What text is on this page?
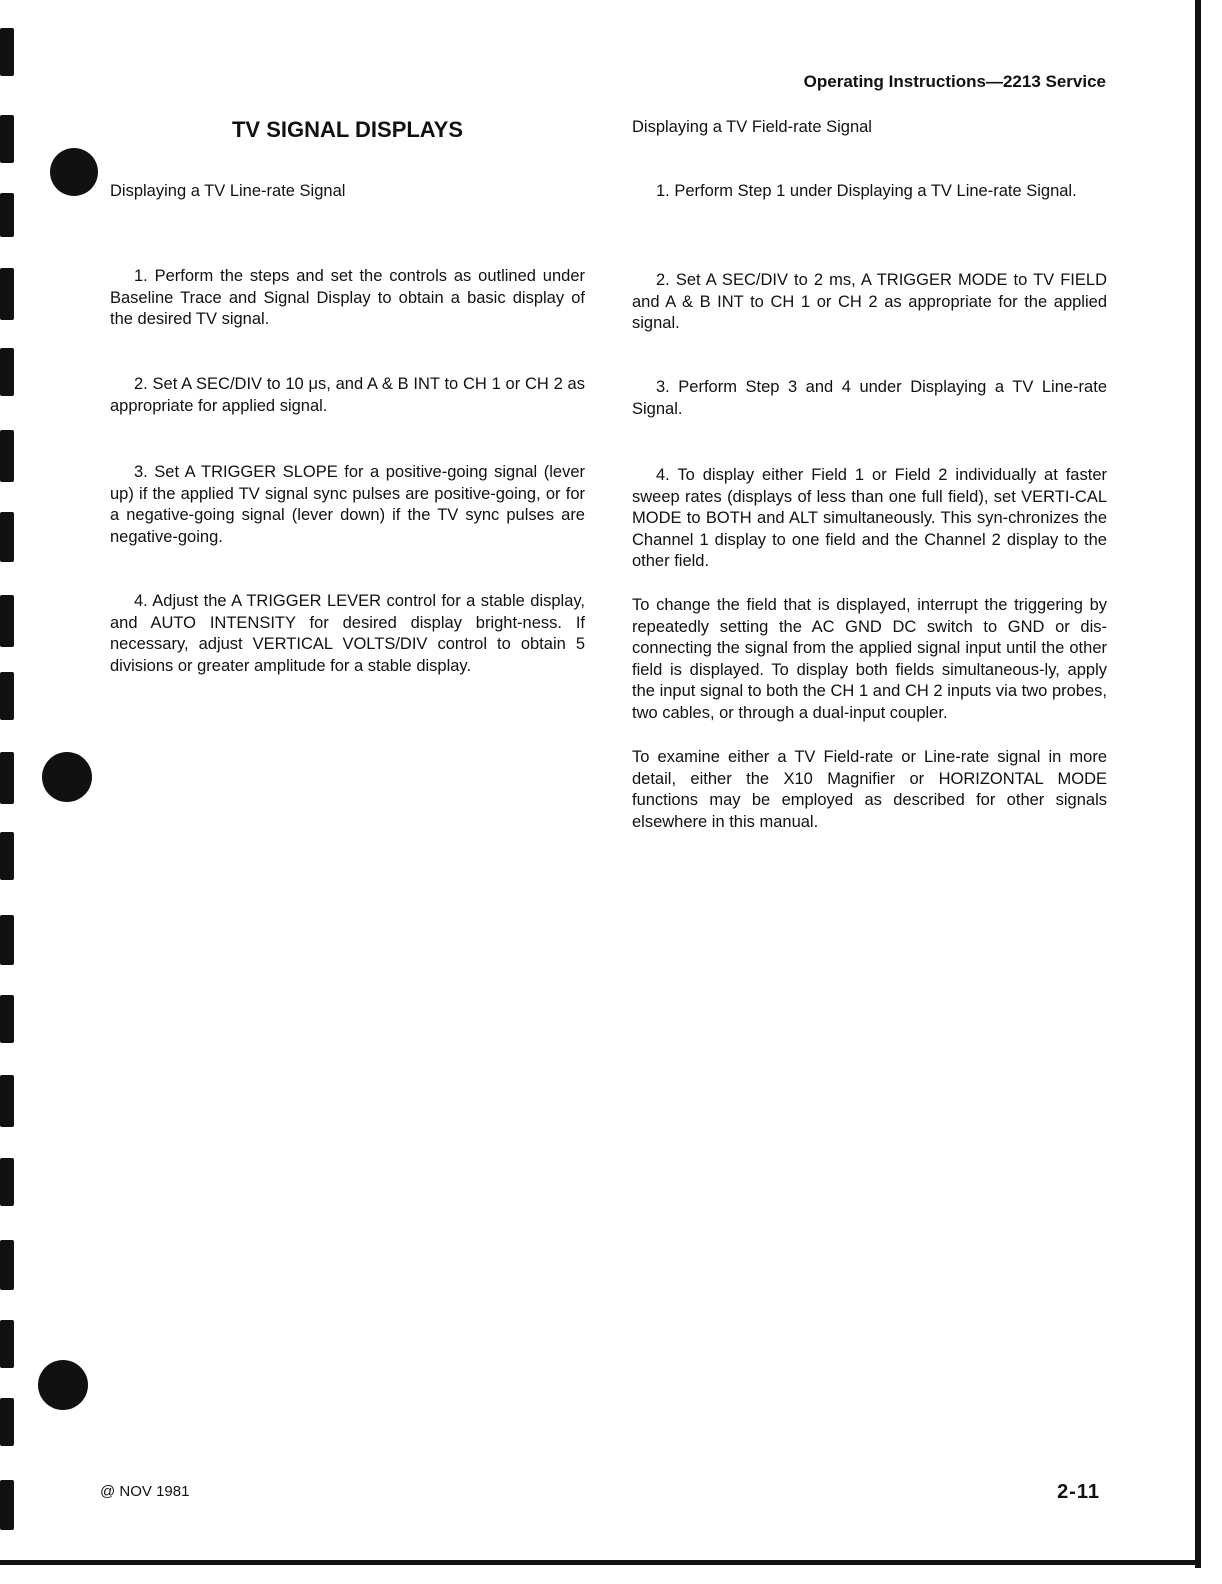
Operating Instructions—2213 Service
TV SIGNAL DISPLAYS

Displaying a TV Line-rate Signal

1. Perform the steps and set the controls as outlined under Baseline Trace and Signal Display to obtain a basic display of the desired TV signal.

2. Set A SEC/DIV to 10 μs, and A & B INT to CH 1 or CH 2 as appropriate for applied signal.

3. Set A TRIGGER SLOPE for a positive-going signal (lever up) if the applied TV signal sync pulses are positive-going, or for a negative-going signal (lever down) if the TV sync pulses are negative-going.

4. Adjust the A TRIGGER LEVER control for a stable display, and AUTO INTENSITY for desired display bright-ness. If necessary, adjust VERTICAL VOLTS/DIV control to obtain 5 divisions or greater amplitude for a stable display.

Displaying a TV Field-rate Signal

1. Perform Step 1 under Displaying a TV Line-rate Signal.

2. Set A SEC/DIV to 2 ms, A TRIGGER MODE to TV FIELD and A & B INT to CH 1 or CH 2 as appropriate for the applied signal.

3. Perform Step 3 and 4 under Displaying a TV Line-rate Signal.

4. To display either Field 1 or Field 2 individually at faster sweep rates (displays of less than one full field), set VERTI-CAL MODE to BOTH and ALT simultaneously. This syn-chronizes the Channel 1 display to one field and the Channel 2 display to the other field.

To change the field that is displayed, interrupt the triggering by repeatedly setting the AC GND DC switch to GND or dis-connecting the signal from the applied signal input until the other field is displayed. To display both fields simultaneous-ly, apply the input signal to both the CH 1 and CH 2 inputs via two probes, two cables, or through a dual-input coupler.

To examine either a TV Field-rate or Line-rate signal in more detail, either the X10 Magnifier or HORIZONTAL MODE functions may be employed as described for other signals elsewhere in this manual.

@ NOV 1981	2-11
